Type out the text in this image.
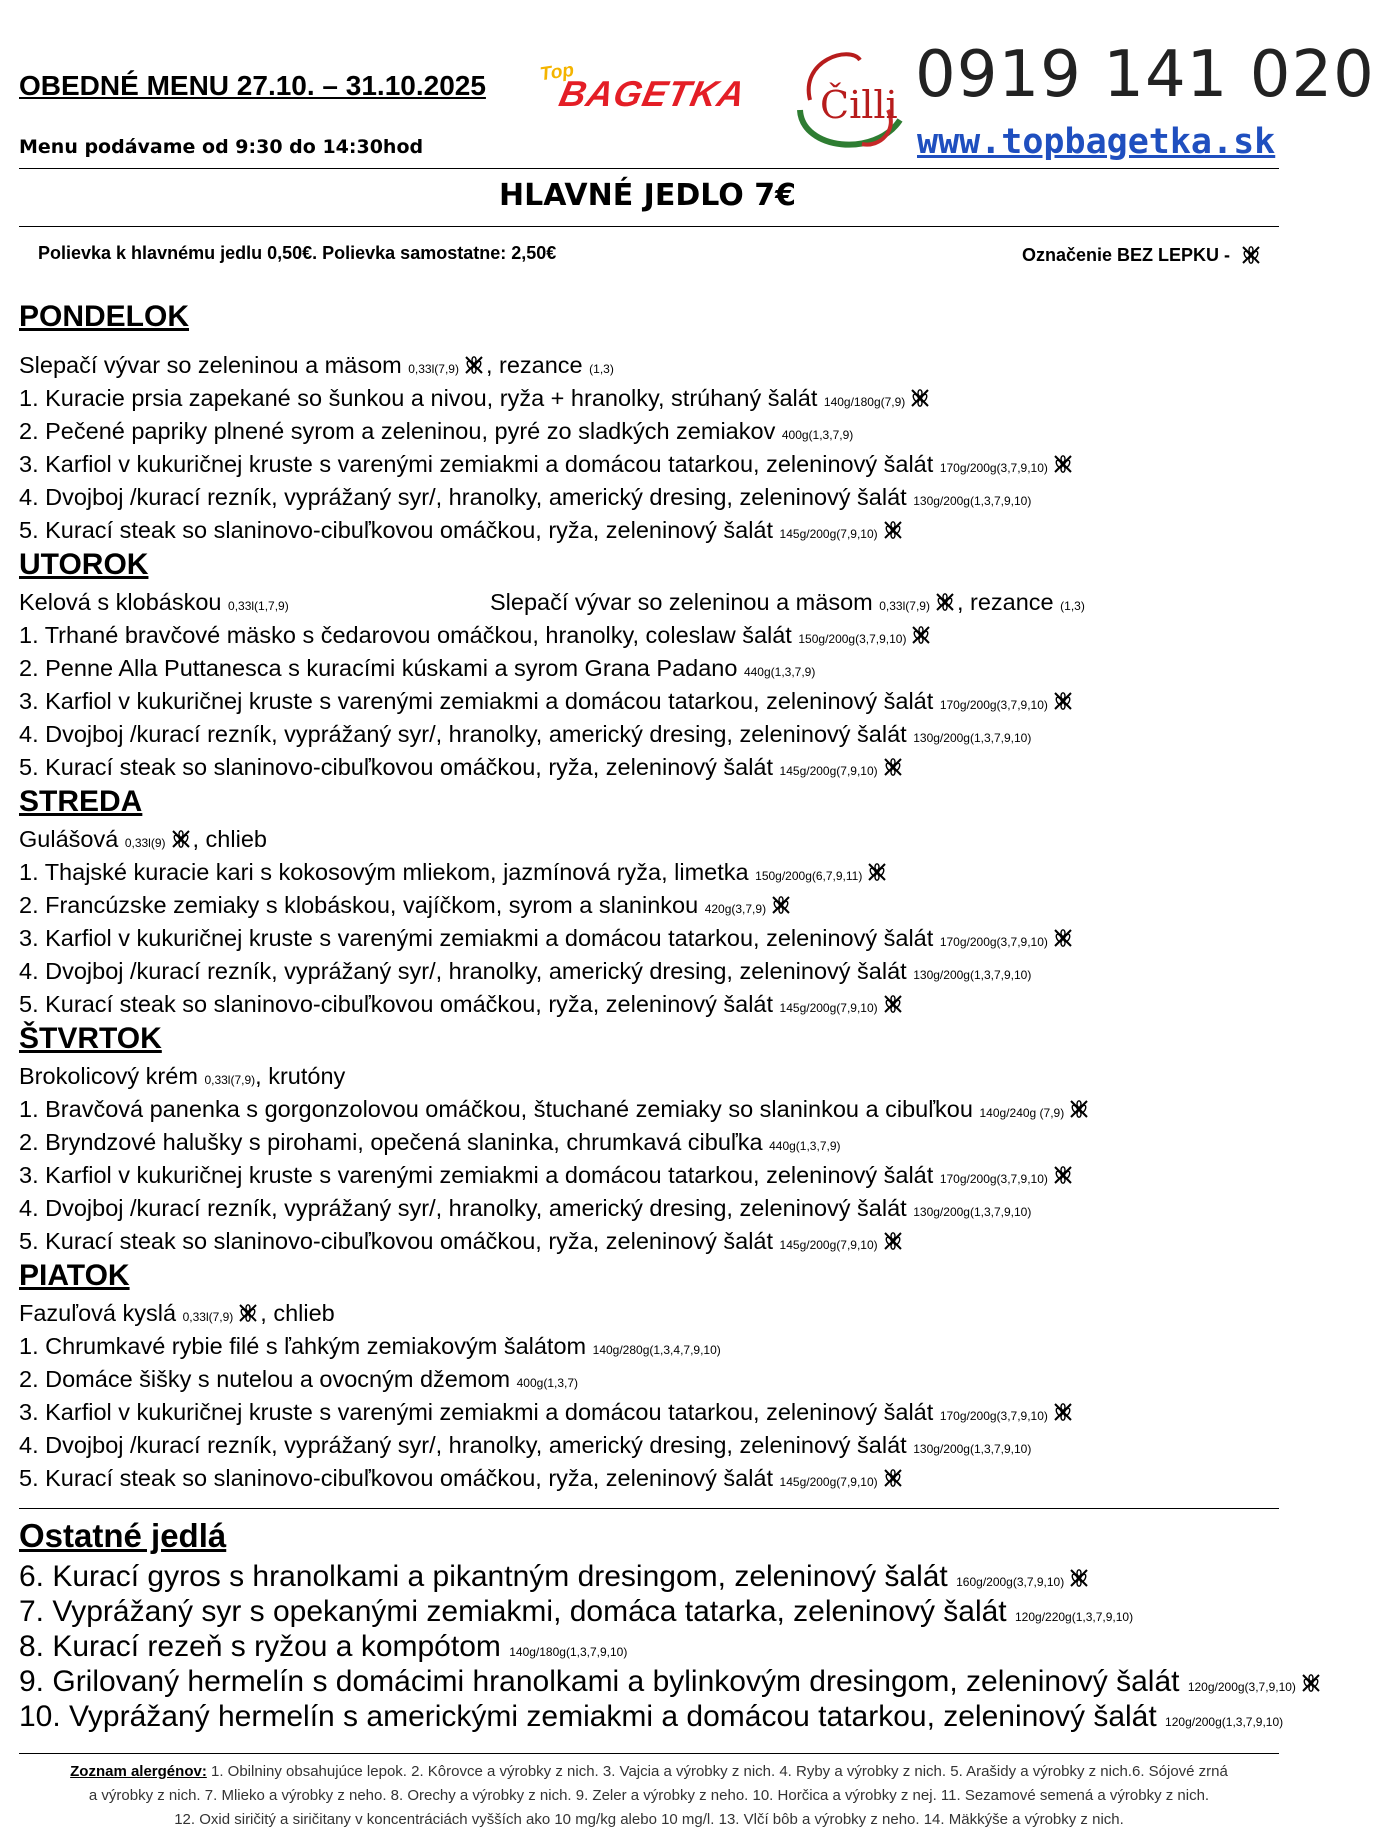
OBEDNÉ MENU 27.10. – 31.10.2025
Menu podávame od 9:30 do 14:30hod
Top
BAGETKA Čilli 0919 141 020
www.topbagetka.sk
HLAVNÉ JEDLO 7€
Polievka k hlavnému jedlu 0,50€. Polievka samostatne: 2,50€	Označenie BEZ LEPKU -
PONDELOK
Slepačí vývar so zeleninou a mäsom 0,33l(7,9) , rezance (1,3)
1. Kuracie prsia zapekané so šunkou a nivou, ryža + hranolky, strúhaný šalát 140g/180g(7,9)
2. Pečené papriky plnené syrom a zeleninou, pyré zo sladkých zemiakov 400g(1,3,7,9)
3. Karfiol v kukuričnej kruste s varenými zemiakmi a domácou tatarkou, zeleninový šalát 170g/200g(3,7,9,10)
4. Dvojboj /kurací rezník, vyprážaný syr/, hranolky, americký dresing, zeleninový šalát 130g/200g(1,3,7,9,10)
5. Kurací steak so slaninovo-cibuľkovou omáčkou, ryža, zeleninový šalát 145g/200g(7,9,10)
UTOROK
Kelová s klobáskou 0,33l(1,7,9)	Slepačí vývar so zeleninou a mäsom 0,33l(7,9) , rezance (1,3)
1. Trhané bravčové mäsko s čedarovou omáčkou, hranolky, coleslaw šalát 150g/200g(3,7,9,10)
2. Penne Alla Puttanesca s kuracími kúskami a syrom Grana Padano 440g(1,3,7,9)
3. Karfiol v kukuričnej kruste s varenými zemiakmi a domácou tatarkou, zeleninový šalát 170g/200g(3,7,9,10)
4. Dvojboj /kurací rezník, vyprážaný syr/, hranolky, americký dresing, zeleninový šalát 130g/200g(1,3,7,9,10)
5. Kurací steak so slaninovo-cibuľkovou omáčkou, ryža, zeleninový šalát 145g/200g(7,9,10)
STREDA
Gulášová 0,33l(9) , chlieb
1. Thajské kuracie kari s kokosovým mliekom, jazmínová ryža, limetka 150g/200g(6,7,9,11)
2. Francúzske zemiaky s klobáskou, vajíčkom, syrom a slaninkou 420g(3,7,9)
3. Karfiol v kukuričnej kruste s varenými zemiakmi a domácou tatarkou, zeleninový šalát 170g/200g(3,7,9,10)
4. Dvojboj /kurací rezník, vyprážaný syr/, hranolky, americký dresing, zeleninový šalát 130g/200g(1,3,7,9,10)
5. Kurací steak so slaninovo-cibuľkovou omáčkou, ryža, zeleninový šalát 145g/200g(7,9,10)
ŠTVRTOK
Brokolicový krém 0,33l(7,9), krutóny
1. Bravčová panenka s gorgonzolovou omáčkou, štuchané zemiaky so slaninkou a cibuľkou 140g/240g (7,9)
2. Bryndzové halušky s pirohami, opečená slaninka, chrumkavá cibuľka 440g(1,3,7,9)
3. Karfiol v kukuričnej kruste s varenými zemiakmi a domácou tatarkou, zeleninový šalát 170g/200g(3,7,9,10)
4. Dvojboj /kurací rezník, vyprážaný syr/, hranolky, americký dresing, zeleninový šalát 130g/200g(1,3,7,9,10)
5. Kurací steak so slaninovo-cibuľkovou omáčkou, ryža, zeleninový šalát 145g/200g(7,9,10)
PIATOK
Fazuľová kyslá 0,33l(7,9) , chlieb
1. Chrumkavé rybie filé s ľahkým zemiakovým šalátom 140g/280g(1,3,4,7,9,10)
2. Domáce šišky s nutelou a ovocným džemom 400g(1,3,7)
3. Karfiol v kukuričnej kruste s varenými zemiakmi a domácou tatarkou, zeleninový šalát 170g/200g(3,7,9,10)
4. Dvojboj /kurací rezník, vyprážaný syr/, hranolky, americký dresing, zeleninový šalát 130g/200g(1,3,7,9,10)
5. Kurací steak so slaninovo-cibuľkovou omáčkou, ryža, zeleninový šalát 145g/200g(7,9,10)
Ostatné jedlá
6. Kurací gyros s hranolkami a pikantným dresingom, zeleninový šalát 160g/200g(3,7,9,10)
7. Vyprážaný syr s opekanými zemiakmi, domáca tatarka, zeleninový šalát 120g/220g(1,3,7,9,10)
8. Kurací rezeň s ryžou a kompótom 140g/180g(1,3,7,9,10)
9. Grilovaný hermelín s domácimi hranolkami a bylinkovým dresingom, zeleninový šalát 120g/200g(3,7,9,10)
10. Vyprážaný hermelín s americkými zemiakmi a domácou tatarkou, zeleninový šalát 120g/200g(1,3,7,9,10)
Zoznam alergénov: 1. Obilniny obsahujúce lepok. 2. Kôrovce a výrobky z nich. 3. Vajcia a výrobky z nich. 4. Ryby a výrobky z nich. 5. Arašidy a výrobky z nich.6. Sójové zrná
a výrobky z nich. 7. Mlieko a výrobky z neho. 8. Orechy a výrobky z nich. 9. Zeler a výrobky z neho. 10. Horčica a výrobky z nej. 11. Sezamové semená a výrobky z nich.
12. Oxid siričitý a siričitany v koncentráciách vyšších ako 10 mg/kg alebo 10 mg/l. 13. Vlčí bôb a výrobky z neho. 14. Mäkkýše a výrobky z nich.
